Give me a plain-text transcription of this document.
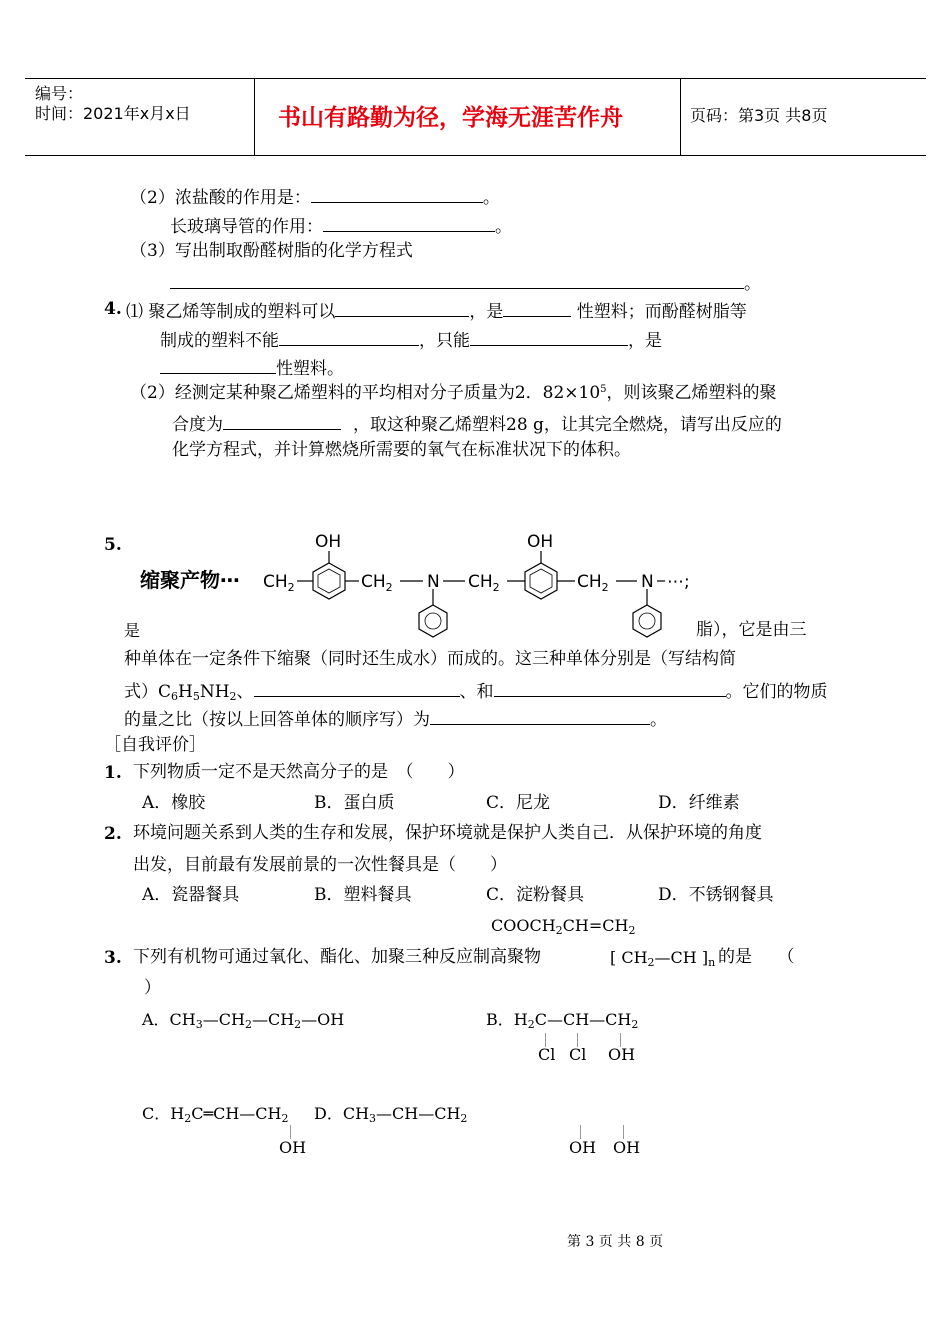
编号：
时间：2021年x月x日	书山有路勤为径，学海无涯苦作舟	页码：第3页 共8页
（2）浓盐酸的作用是：	。
长玻璃导管的作用：	。
（3）写出制取酚醛树脂的化学方程式
。
4. ⑴ 聚乙烯等制成的塑料可以	，是	性塑料；而酚醛树脂等
制成的塑料不能	，只能	，是
性塑料。
（2）经测定某种聚乙烯塑料的平均相对分子质量为2．$82\times 10^5$，则该聚乙烯塑料的聚
合度为	，取这种聚乙烯塑料28 g，让其完全燃烧，请写出反应的
化学方程式，并计算燃烧所需要的氧气在标准状况下的体积。
5.
缩聚产物⋯ $CH_2$
OH
$CH_2$ N $CH_2$
OH
$CH_2$ N ⋯;
是	脂），它是由三
种单体在一定条件下缩聚（同时还生成水）而成的。这三种单体分别是（写结构简
式）$C_6H_5NH_2$、	、和	。它们的物质
的量之比（按以上回答单体的顺序写）为	。
［自我评价］
1. 下列物质一定不是天然高分子的是　（　　）
A．橡胶	B．蛋白质	C．尼龙	D．纤维素
2. 环境问题关系到人类的生存和发展，保护环境就是保护人类自己．从保护环境的角度
出发，目前最有发展前景的一次性餐具是（　　）
A．瓷器餐具	B．塑料餐具	C．淀粉餐具	D．不锈钢餐具
$COOCH_2CH=CH_2$
3. 下列有机物可通过氧化、酯化、加聚三种反应制高聚物	[ $CH_2—CH$ ]$_n$ 的是　　（
）
A．$CH_3—CH_2—CH_2—OH$	B．$H_2C—CH—CH_2$
Cl Cl OH
C．$H_2C═CH—CH_2$ D．$CH_3—CH—CH_2$
OH	OH OH
第 3 页 共 8 页
